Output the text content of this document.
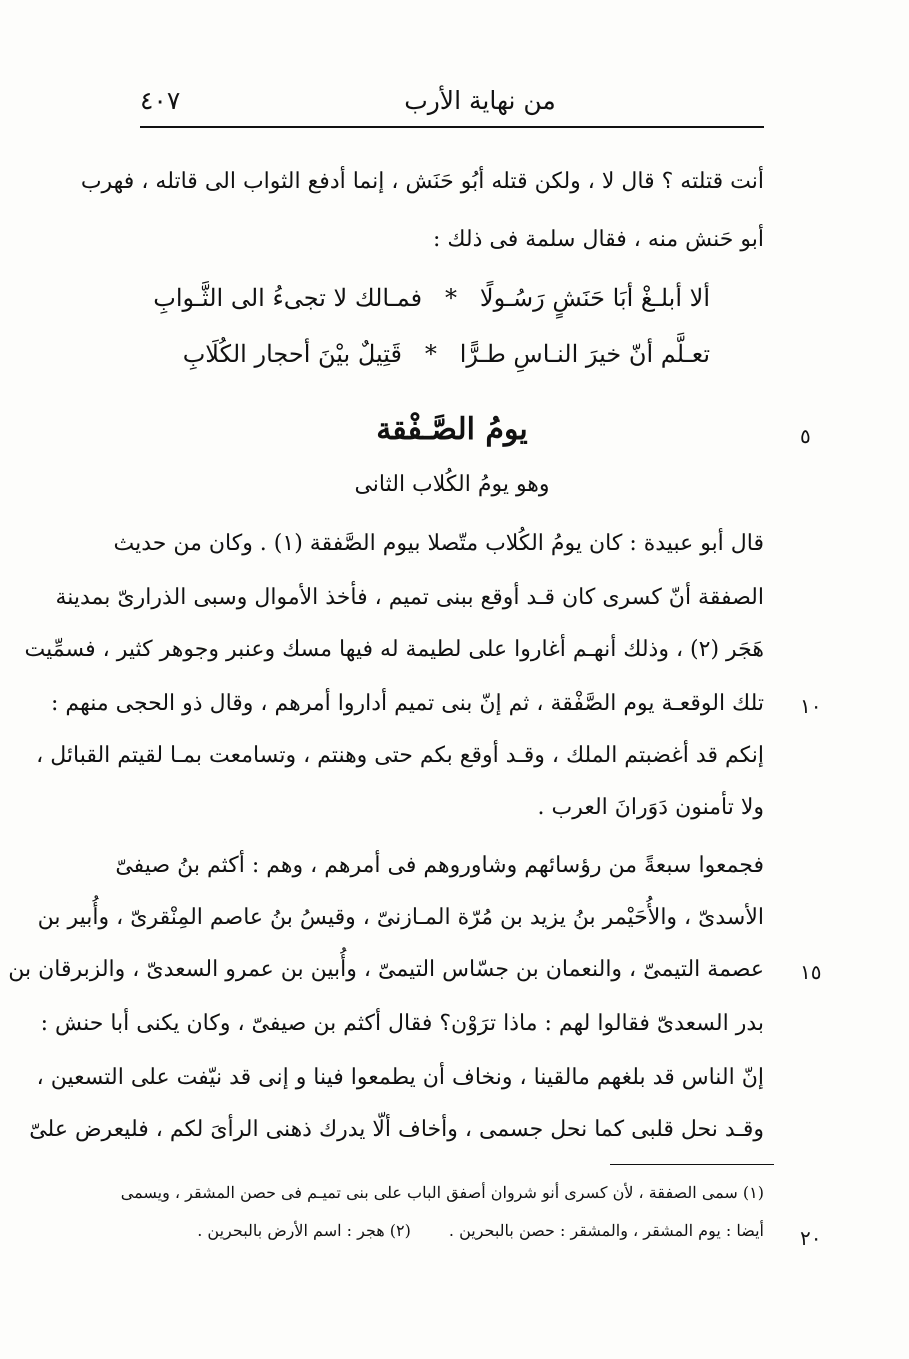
من نهاية الأرب
٤٠٧
أنت قتلته ؟ قال لا ، ولكن قتله أبُو حَنَش ، إنما أدفع الثواب الى قاتله ، فهرب
أبو حَنش منه ، فقال سلمة فى ذلك :
ألا أبلـغْ أبَا حَنَشٍ رَسُـولًا   *   فمـالك لا تجىءُ الى الثَّـوابِ
تعـلَّم أنّ خيرَ النـاسِ طـرًّا   *   قَتِيلٌ بيْنَ أحجار الكُلَابِ
يومُ الصَّـفْقة
وهو يومُ الكُلاب الثانى
قال أبو عبيدة : كان يومُ الكُلاب متّصلا بيوم الصَّفقة (١) . وكان من حديث
الصفقة أنّ كسرى كان قـد أوقع ببنى تميم ، فأخذ الأموال وسبى الذرارىّ بمدينة
هَجَر (٢) ، وذلك أنهـم أغاروا على لطيمة له فيها مسك وعنبر وجوهر كثير ، فسمِّيت
تلك الوقعـة يوم الصَّفْقة ، ثم إنّ بنى تميم أداروا أمرهم ، وقال ذو الحجى منهم :
إنكم قد أغضبتم الملك ، وقـد أوقع بكم حتى وهنتم ، وتسامعت بمـا لقيتم القبائل ،
ولا تأمنون دَوَرانَ العرب .
فجمعوا سبعةً من رؤسائهم وشاوروهم فى أمرهم ، وهم : أكثم بنُ صيفىّ
الأسدىّ ، والأُحَيْمر بنُ يزيد بن مُرّة المـازنىّ ، وقيسُ بنُ عاصم المِنْقرىّ ، وأُبير بن
عصمة التيمىّ ، والنعمان بن جسّاس التيمىّ ، وأُبين بن عمرو السعدىّ ، والزبرقان بن
بدر السعدىّ فقالوا لهم : ماذا ترَوْن؟ فقال أكثم بن صيفىّ ، وكان يكنى أبا حنش :
إنّ الناس قد بلغهم مالقينا ، ونخاف أن يطمعوا فينا و إنى قد نيّفت على التسعين ،
وقـد نحل قلبى كما نحل جسمى ، وأخاف ألّا يدرك ذهنى الرأىَ لكم ، فليعرض علىّ
(١) سمى الصفقة ، لأن كسرى أنو شروان أصفق الباب على بنى تميـم فى حصن المشقر ، ويسمى
أيضا : يوم المشقر ، والمشقر : حصن بالبحرين .
(٢) هجر : اسم الأرض بالبحرين .
٥
١٠
١٥
٢٠
